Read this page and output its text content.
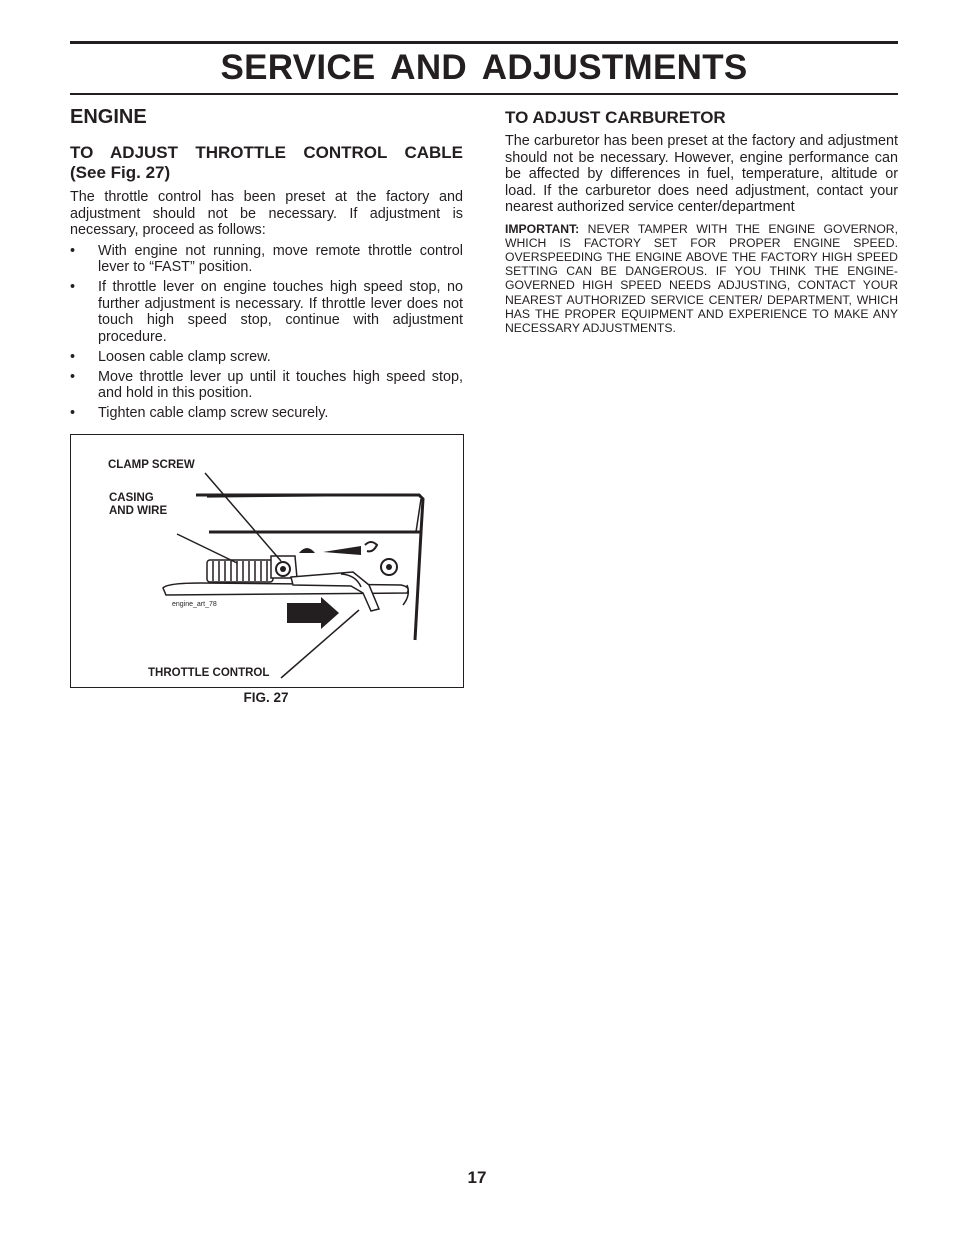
SERVICE AND ADJUSTMENTS
ENGINE
TO ADJUST THROTTLE CONTROL CABLE
(See Fig. 27)

The throttle control has been preset at the factory and adjustment should not be necessary. If adjustment is necessary, proceed as follows:

• With engine not running, move remote throttle control lever to “FAST” position.
• If throttle lever on engine touches high speed stop, no further adjustment is necessary. If throttle lever does not touch high speed stop, continue with adjustment procedure.
• Loosen cable clamp screw.
• Move throttle lever up until it touches high speed stop, and hold in this position.
• Tighten cable clamp screw securely.
TO ADJUST CARBURETOR

The carburetor has been preset at the factory and adjustment should not be necessary. However, engine performance can be affected by differences in fuel, temperature, altitude or load. If the carburetor does need adjustment, contact your nearest authorized service center/department

IMPORTANT: NEVER TAMPER WITH THE ENGINE GOVERNOR, WHICH IS FACTORY SET FOR PROPER ENGINE SPEED. OVERSPEEDING THE ENGINE ABOVE THE FACTORY HIGH SPEED SETTING CAN BE DANGEROUS. IF YOU THINK THE ENGINE-GOVERNED HIGH SPEED NEEDS ADJUSTING, CONTACT YOUR NEAREST AUTHORIZED SERVICE CENTER/ DEPARTMENT, WHICH HAS THE PROPER EQUIPMENT AND EXPERIENCE TO MAKE ANY NECESSARY ADJUSTMENTS.

CLAMP SCREW
CASING
AND WIRE
engine_art_78
THROTTLE CONTROL
FIG. 27
17
